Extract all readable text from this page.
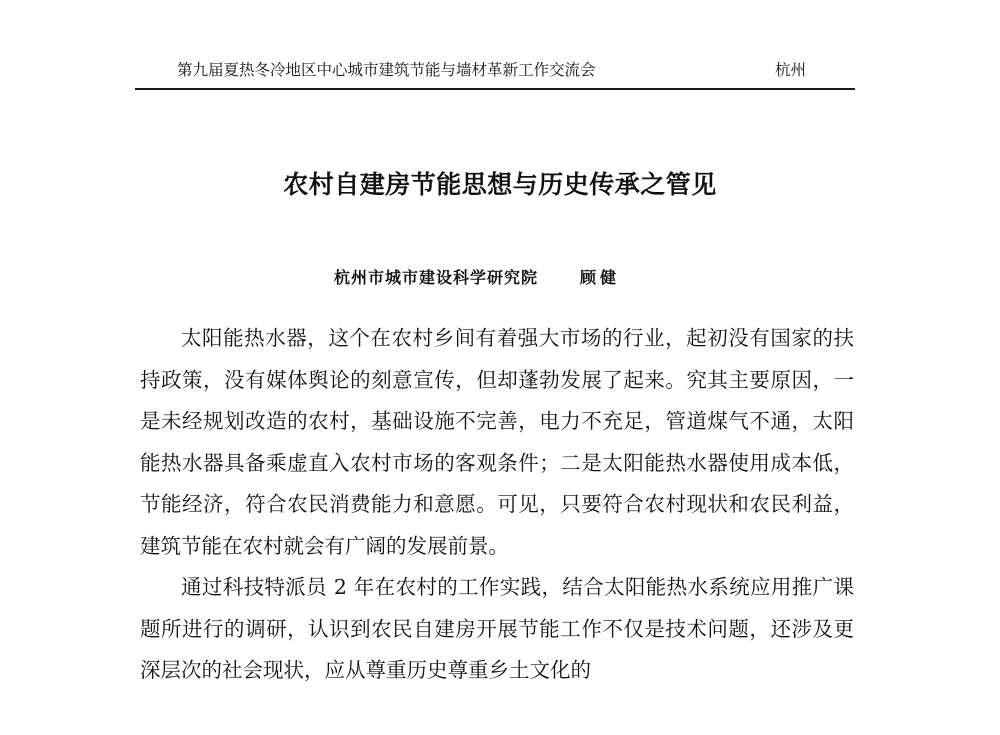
第九届夏热冬冷地区中心城市建筑节能与墙材革新工作交流会	杭州
农村自建房节能思想与历史传承之管见
杭州市城市建设科学研究院	顾健

太阳能热水器，这个在农村乡间有着强大市场的行业，起初没有国家的扶持政策，没有媒体舆论的刻意宣传，但却蓬勃发展了起来。究其主要原因，一是未经规划改造的农村，基础设施不完善，电力不充足，管道煤气不通，太阳能热水器具备乘虚直入农村市场的客观条件；二是太阳能热水器使用成本低，节能经济，符合农民消费能力和意愿。可见，只要符合农村现状和农民利益，建筑节能在农村就会有广阔的发展前景。

通过科技特派员 2 年在农村的工作实践，结合太阳能热水系统应用推广课题所进行的调研，认识到农民自建房开展节能工作不仅是技术问题，还涉及更深层次的社会现状，应从尊重历史尊重乡土文化的
